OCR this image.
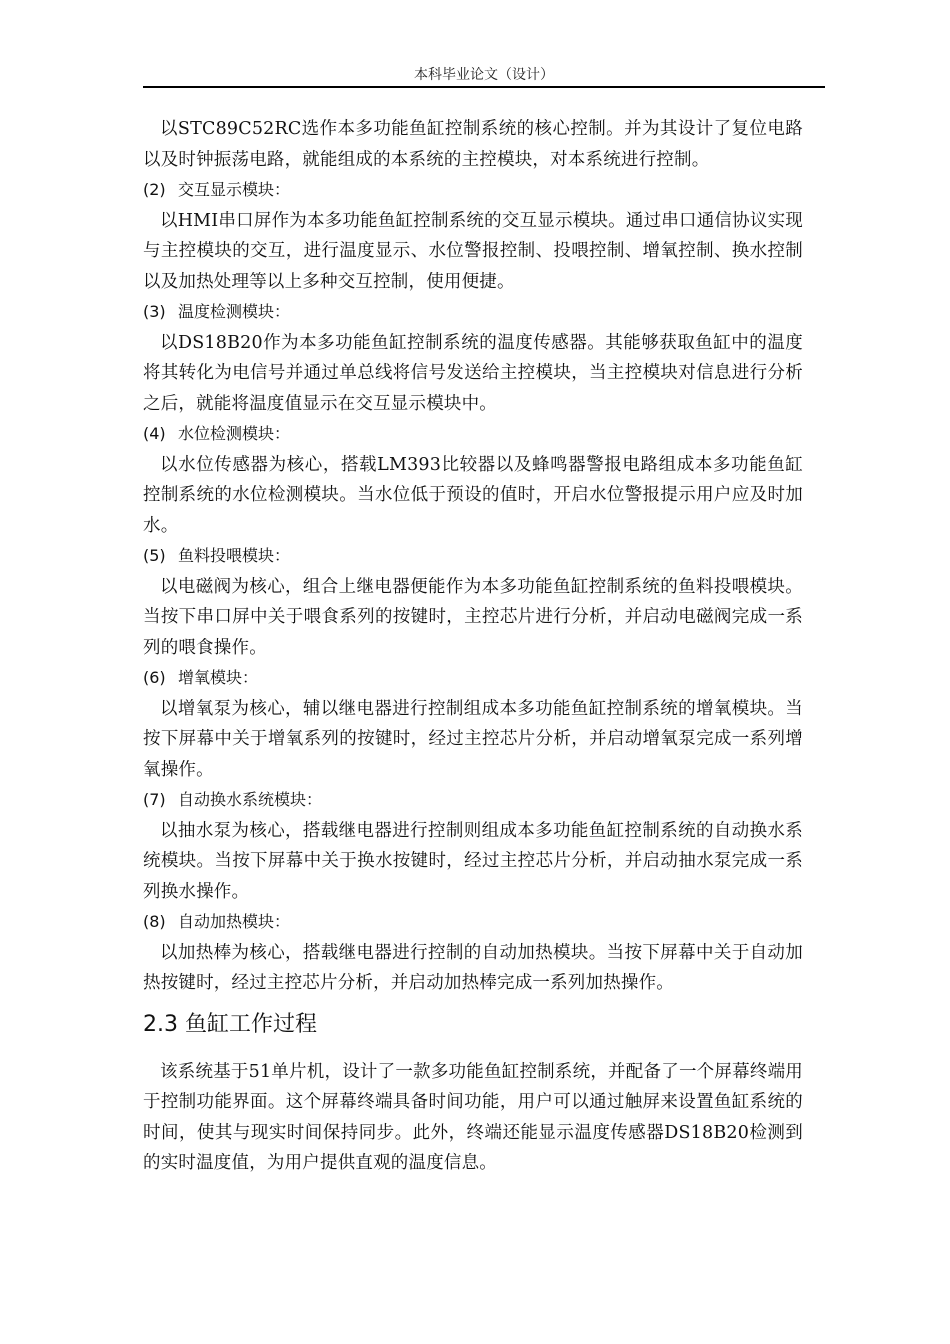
本科毕业论文（设计）

以STC89C52RC选作本多功能鱼缸控制系统的核心控制。并为其设计了复位电路以及时钟振荡电路，就能组成的本系统的主控模块，对本系统进行控制。

(2) 交互显示模块：

以HMI串口屏作为本多功能鱼缸控制系统的交互显示模块。通过串口通信协议实现与主控模块的交互，进行温度显示、水位警报控制、投喂控制、增氧控制、换水控制以及加热处理等以上多种交互控制，使用便捷。

(3) 温度检测模块：

以DS18B20作为本多功能鱼缸控制系统的温度传感器。其能够获取鱼缸中的温度将其转化为电信号并通过单总线将信号发送给主控模块，当主控模块对信息进行分析之后，就能将温度值显示在交互显示模块中。

(4) 水位检测模块：

以水位传感器为核心，搭载LM393比较器以及蜂鸣器警报电路组成本多功能鱼缸控制系统的水位检测模块。当水位低于预设的值时，开启水位警报提示用户应及时加水。

(5) 鱼料投喂模块：

以电磁阀为核心，组合上继电器便能作为本多功能鱼缸控制系统的鱼料投喂模块。当按下串口屏中关于喂食系列的按键时，主控芯片进行分析，并启动电磁阀完成一系列的喂食操作。

(6) 增氧模块：

以增氧泵为核心，辅以继电器进行控制组成本多功能鱼缸控制系统的增氧模块。当按下屏幕中关于增氧系列的按键时，经过主控芯片分析，并启动增氧泵完成一系列增氧操作。

(7) 自动换水系统模块：

以抽水泵为核心，搭载继电器进行控制则组成本多功能鱼缸控制系统的自动换水系统模块。当按下屏幕中关于换水按键时，经过主控芯片分析，并启动抽水泵完成一系列换水操作。

(8) 自动加热模块：

以加热棒为核心，搭载继电器进行控制的自动加热模块。当按下屏幕中关于自动加热按键时，经过主控芯片分析，并启动加热棒完成一系列加热操作。

2.3 鱼缸工作过程

该系统基于51单片机，设计了一款多功能鱼缸控制系统，并配备了一个屏幕终端用于控制功能界面。这个屏幕终端具备时间功能，用户可以通过触屏来设置鱼缸系统的时间，使其与现实时间保持同步。此外，终端还能显示温度传感器DS18B20检测到的实时温度值，为用户提供直观的温度信息。
